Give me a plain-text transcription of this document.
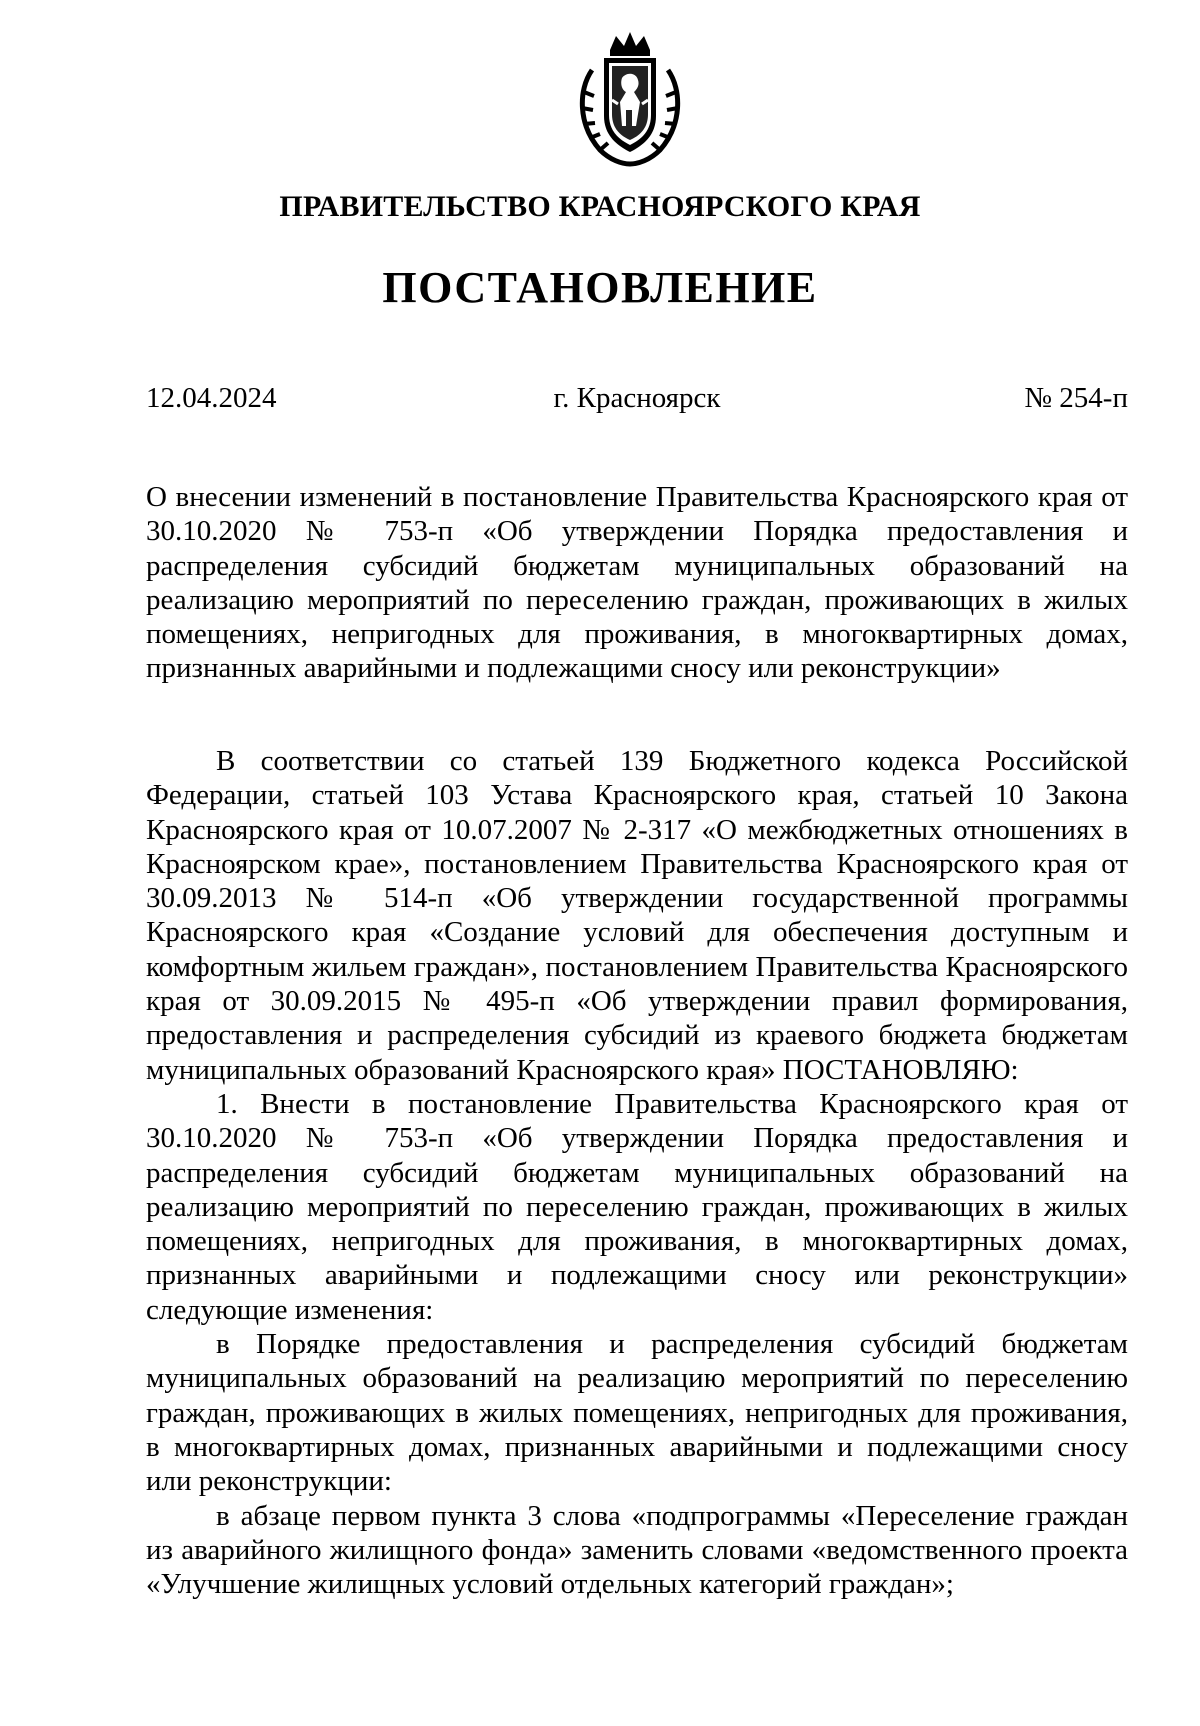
ПРАВИТЕЛЬСТВО КРАСНОЯРСКОГО КРАЯ
ПОСТАНОВЛЕНИЕ
12.04.2024	г. Красноярск	№ 254-п

О внесении изменений в постановление Правительства Красноярского края от 30.10.2020 № 753-п «Об утверждении Порядка предоставления и распределения субсидий бюджетам муниципальных образований на реализацию мероприятий по переселению граждан, проживающих в жилых помещениях, непригодных для проживания, в многоквартирных домах, признанных аварийными и подлежащими сносу или реконструкции»

В соответствии со статьей 139 Бюджетного кодекса Российской Федерации, статьей 103 Устава Красноярского края, статьей 10 Закона Красноярского края от 10.07.2007 № 2-317 «О межбюджетных отношениях в Красноярском крае», постановлением Правительства Красноярского края от 30.09.2013 № 514-п «Об утверждении государственной программы Красноярского края «Создание условий для обеспечения доступным и комфортным жильем граждан», постановлением Правительства Красноярского края от 30.09.2015 № 495-п «Об утверждении правил формирования, предоставления и распределения субсидий из краевого бюджета бюджетам муниципальных образований Красноярского края» ПОСТАНОВЛЯЮ:

1. Внести в постановление Правительства Красноярского края от 30.10.2020 № 753-п «Об утверждении Порядка предоставления и распределения субсидий бюджетам муниципальных образований на реализацию мероприятий по переселению граждан, проживающих в жилых помещениях, непригодных для проживания, в многоквартирных домах, признанных аварийными и подлежащими сносу или реконструкции» следующие изменения:

в Порядке предоставления и распределения субсидий бюджетам муниципальных образований на реализацию мероприятий по переселению граждан, проживающих в жилых помещениях, непригодных для проживания, в многоквартирных домах, признанных аварийными и подлежащими сносу или реконструкции:

в абзаце первом пункта 3 слова «подпрограммы «Переселение граждан из аварийного жилищного фонда» заменить словами «ведомственного проекта «Улучшение жилищных условий отдельных категорий граждан»;
